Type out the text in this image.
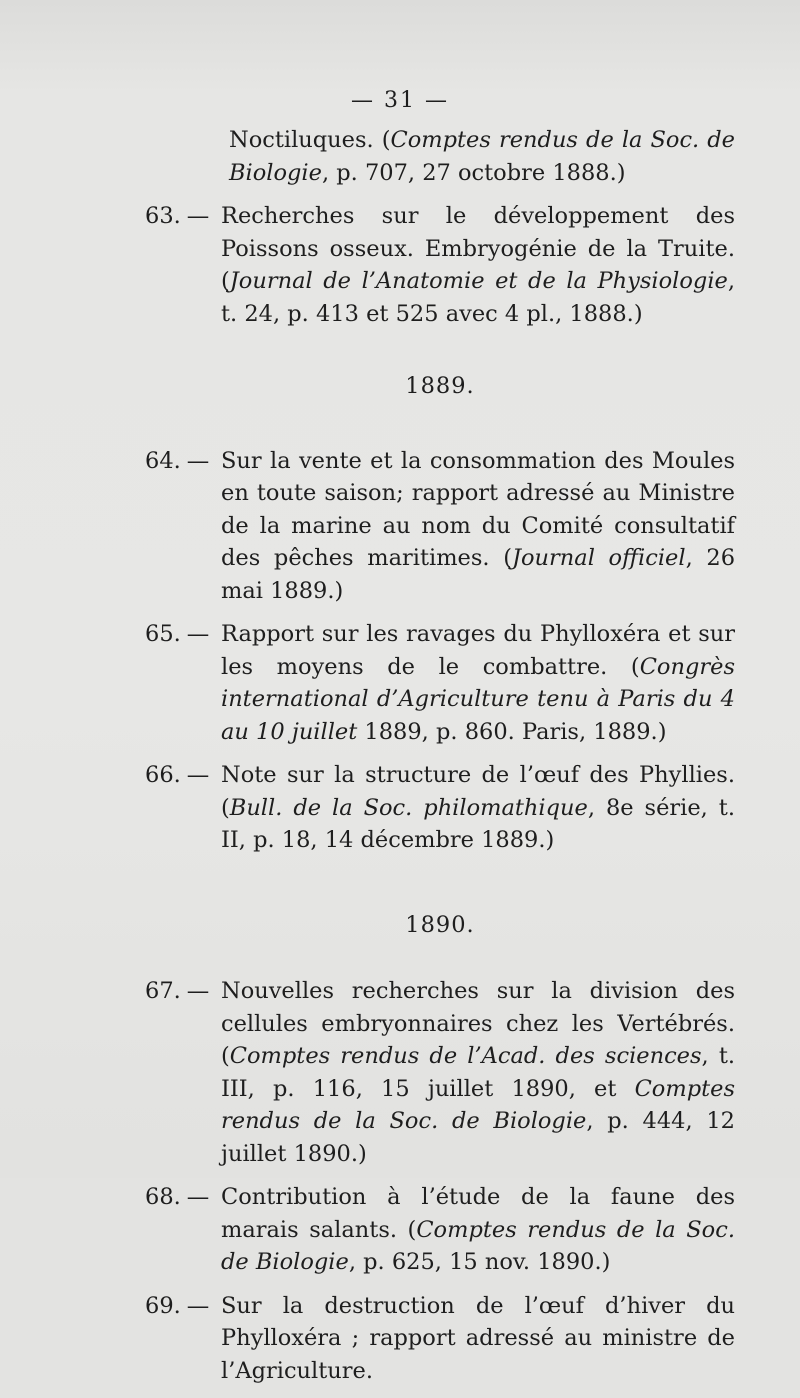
— 31 —
Noctiluques. (Comptes rendus de la Soc. de Biologie, p. 707, 27 octobre 1888.)
63. — Recherches sur le développement des Poissons osseux. Embryogénie de la Truite. (Journal de l’Anatomie et de la Physiologie, t. 24, p. 413 et 525 avec 4 pl., 1888.)
1889.
64. — Sur la vente et la consommation des Moules en toute saison; rapport adressé au Ministre de la marine au nom du Comité consultatif des pêches maritimes. (Journal officiel, 26 mai 1889.)
65. — Rapport sur les ravages du Phylloxéra et sur les moyens de le combattre. (Congrès international d’Agriculture tenu à Paris du 4 au 10 juillet 1889, p. 860. Paris, 1889.)
66. — Note sur la structure de l’œuf des Phyllies. (Bull. de la Soc. philomathique, 8e série, t. II, p. 18, 14 décembre 1889.)
1890.
67. — Nouvelles recherches sur la division des cellules embryonnaires chez les Vertébrés. (Comptes rendus de l’Acad. des sciences, t. III, p. 116, 15 juillet 1890, et Comptes rendus de la Soc. de Biologie, p. 444, 12 juillet 1890.)
68. — Contribution à l’étude de la faune des marais salants. (Comptes rendus de la Soc. de Biologie, p. 625, 15 nov. 1890.)
69. — Sur la destruction de l’œuf d’hiver du Phylloxéra ; rapport adressé au ministre de l’Agriculture.
